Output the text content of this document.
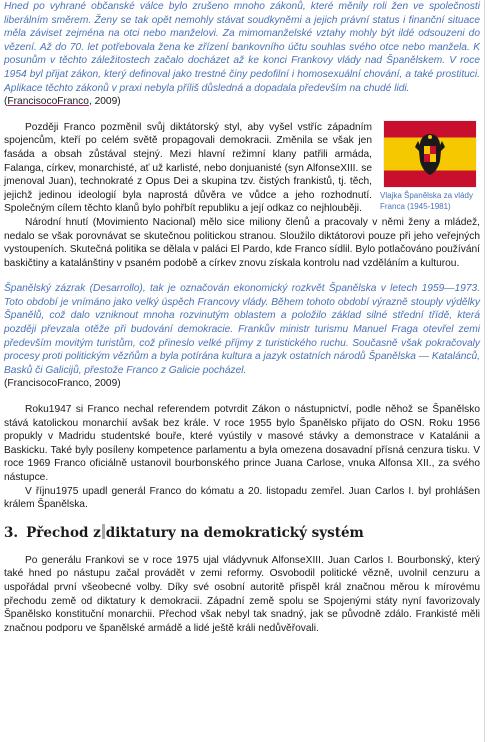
Hned po vyhrané občanské válce bylo zrušeno mnoho zákonů, které měnily roli žen ve společnosti liberálním směrem. Ženy se tak opět nemohly stávat soudkyněmi a jejich právní status i finanční situace měla záviset zejména na otci nebo manželovi. Za mimomanželské vztahy mohly být ildé odsouzeni do vězení. Až do 70. let potřebovala žena ke zřízení bankovního účtu souhlas svého otce nebo manžela. K posunům v těchto záležitostech začalo docházet až ke konci Frankovy vlády nad Španělskem. V roce 1954 byl přijat zákon, který definoval jako trestné činy pedofilní i homosexuální chování, a také prostituci. Aplikace těchto zákonů v praxi nebyla příliš důsledná a dopadala především na chudé lidi.

(FrancisocoFranco, 2009)

Vlajka Španělska za vlády Franca (1945-1981)

Později Franco pozměnil svůj diktátorský styl, aby vyšel vstříc západním spojencům, kteří po celém světě propagovali demokracii. Změnila se však jen fasáda a obsah zůstával stejný. Mezi hlavní režimní klany patřili armáda, Falanga, církev, monarchisté, ať už karlisté, nebo donjuanisté (syn AlfonseXIII. se jmenoval Juan), technokraté z Opus Dei a skupina tzv. čistých frankistů, tj. těch, jejichž jedinou ideologií byla naprostá důvěra ve vůdce a jeho rozhodnutí. Společným cílem těchto klanů bylo pohřbít republiku a její odkaz co nejhlouběji.

Národní hnutí (Movimiento Nacional) mělo sice miliony členů a pracovaly v němi ženy a mládež, nedalo se však porovnávat se skutečnou politickou stranou. Sloužilo diktátorovi pouze při jeho veřejných vystoupeních. Skutečná politika se dělala v paláci El Pardo, kde Franco sídlil. Bylo potlačováno používání baskičtiny a katalánštiny v psaném podobě a církev znovu získala kontrolu nad vzděláním a kulturou.

Španělský zázrak (Desarrollo), tak je označován ekonomický rozkvět Španělska v letech 1959—1973. Toto období je vnímáno jako velký úspěch Francovy vlády. Během tohoto období výrazně stouply výdělky Španělů, což dalo vzniknout mnoha rozvinutým oblastem a položilo základ silné střední třídě, která později převzala otěže při budování demokracie. Frankův ministr turismu Manuel Fraga otevřel zemi především movitým turistům, což přineslo velké příjmy z turistického ruchu. Současně však pokračovaly procesy proti politickým vězňům a byla potírána kultura a jazyk ostatních národů Španělska — Katalánců, Basků či Galicijů, přestože Franco z Galicie pocházel.

(FrancisocoFranco, 2009)

Roku1947 si Franco nechal referendem potvrdit Zákon o nástupnictví, podle něhož se Španělsko stává katolickou monarchií avšak bez krále. V roce 1955 bylo Španělsko přijato do OSN. Roku 1956 propukly v Madridu studentské bouře, které vyústily v masové stávky a demonstrace v Katalánii a Baskicku. Také byly posíleny kompetence parlamentu a byla omezena dosavadní přísná cenzura tisku. V roce 1969 Franco oficiálně ustanovil bourbonského prince Juana Carlose, vnuka Alfonsa XII., za svého nástupce.

V říjnu1975 upadl generál Franco do kómatu a 20. listopadu zemřel. Juan Carlos I. byl prohlášen králem Španělska.

3. Přechod z diktatury na demokratický systém

Po generálu Frankovi se v roce 1975 ujal vládyvnuk AlfonseXIII. Juan Carlos I. Bourbonský, který také hned po nástupu začal provádět v zemi reformy. Osvobodil politické vězně, uvolnil cenzuru a uspořádal první všeobecné volby. Díky své osobní autoritě přispěl král značnou měrou k mírovému přechodu země od diktatury k demokracii. Západní země spolu se Spojenými státy nyní favorizovaly Španělsko konstituční monarchii. Přechod však nebyl tak snadný, jak se původně zdálo. Frankisté měli značnou podporu ve španělské armádě a lidé ještě králi nedůvěřovali.
